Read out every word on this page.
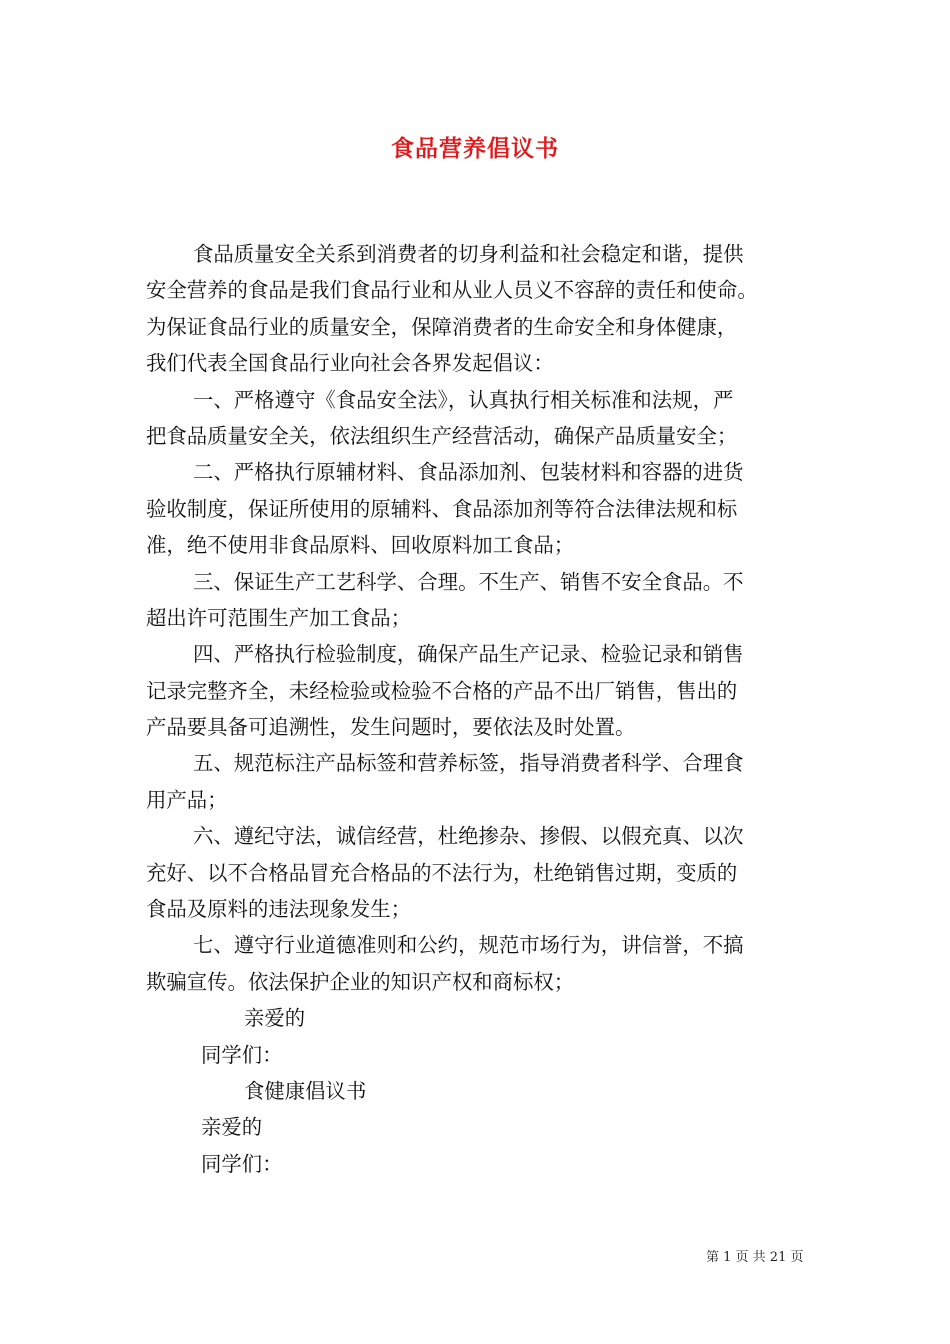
食品营养倡议书
食品质量安全关系到消费者的切身利益和社会稳定和谐，提供
安全营养的食品是我们食品行业和从业人员义不容辞的责任和使命。
为保证食品行业的质量安全，保障消费者的生命安全和身体健康，
我们代表全国食品行业向社会各界发起倡议：
一、严格遵守《食品安全法》，认真执行相关标准和法规，严
把食品质量安全关，依法组织生产经营活动，确保产品质量安全；
二、严格执行原辅材料、食品添加剂、包装材料和容器的进货
验收制度，保证所使用的原辅料、食品添加剂等符合法律法规和标
准，绝不使用非食品原料、回收原料加工食品；
三、保证生产工艺科学、合理。不生产、销售不安全食品。不
超出许可范围生产加工食品；
四、严格执行检验制度，确保产品生产记录、检验记录和销售
记录完整齐全，未经检验或检验不合格的产品不出厂销售，售出的
产品要具备可追溯性，发生问题时，要依法及时处置。
五、规范标注产品标签和营养标签，指导消费者科学、合理食
用产品；
六、遵纪守法，诚信经营，杜绝掺杂、掺假、以假充真、以次
充好、以不合格品冒充合格品的不法行为，杜绝销售过期，变质的
食品及原料的违法现象发生；
七、遵守行业道德准则和公约，规范市场行为，讲信誉，不搞
欺骗宣传。依法保护企业的知识产权和商标权；
亲爱的
同学们：
食健康倡议书
亲爱的
同学们：
第 1 页 共 21 页
